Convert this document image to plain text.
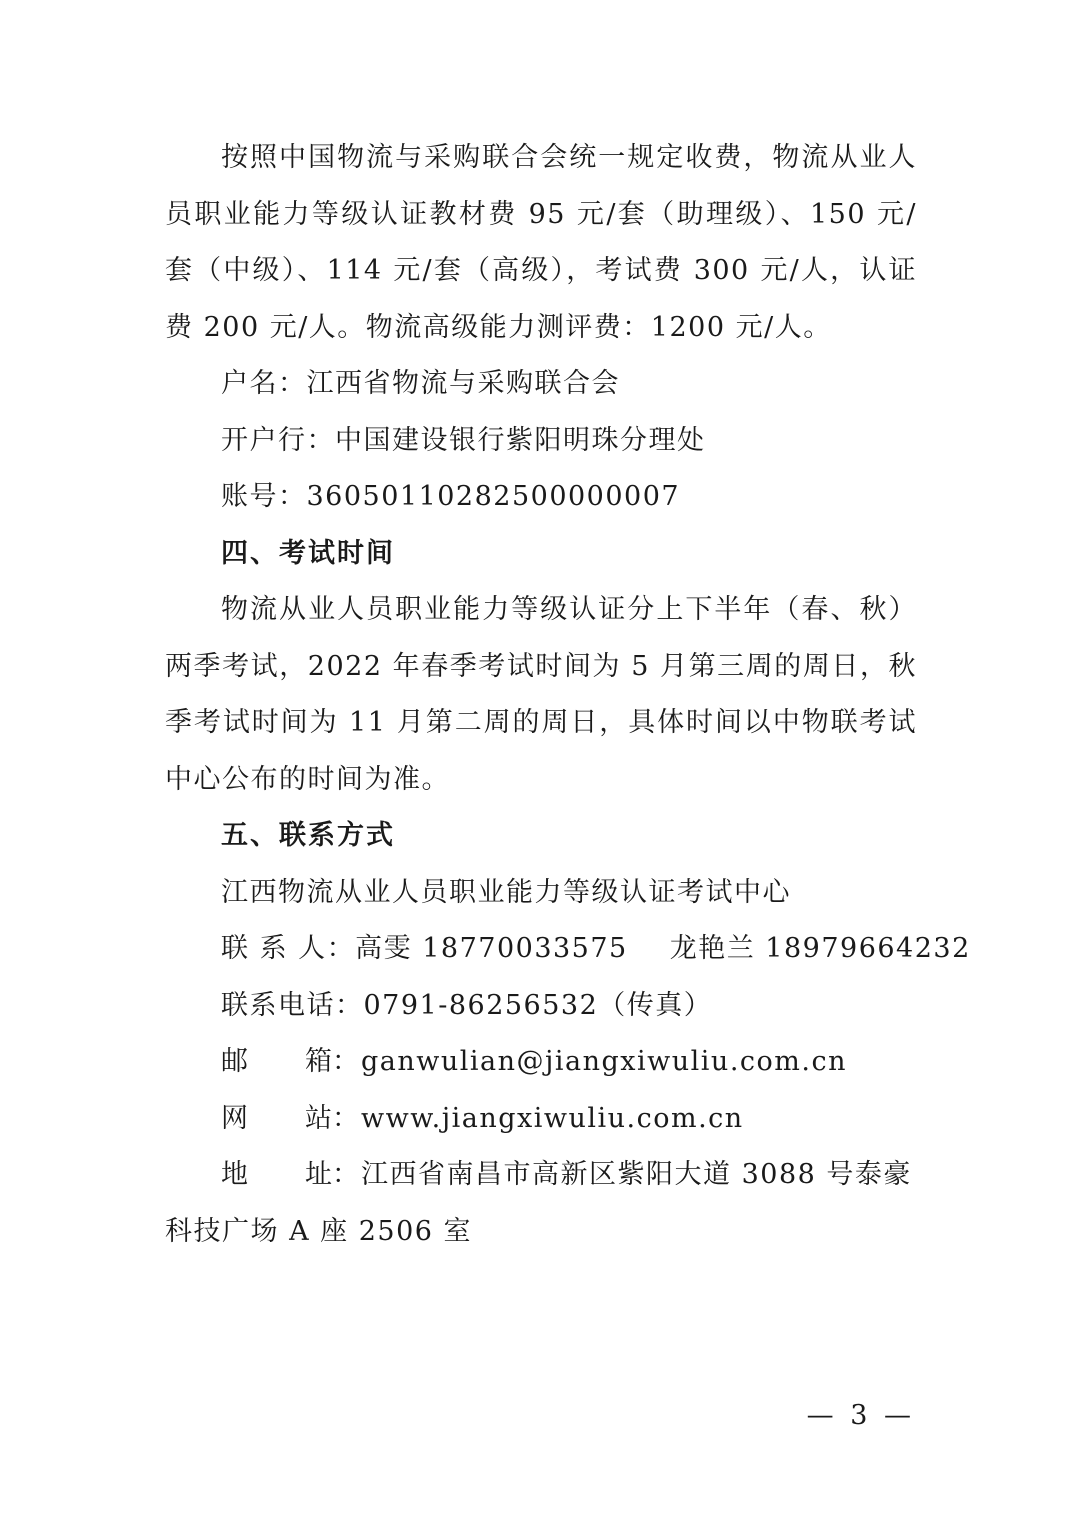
按照中国物流与采购联合会统一规定收费，物流从业人员职业能力等级认证教材费 95 元/套（助理级）、150 元/套（中级）、114 元/套（高级），考试费 300 元/人，认证费 200 元/人。物流高级能力测评费：1200 元/人。

户名：江西省物流与采购联合会

开户行：中国建设银行紫阳明珠分理处

账号：36050110282500000007

四、考试时间

物流从业人员职业能力等级认证分上下半年（春、秋）两季考试，2022 年春季考试时间为 5 月第三周的周日，秋季考试时间为 11 月第二周的周日，具体时间以中物联考试中心公布的时间为准。

五、联系方式

江西物流从业人员职业能力等级认证考试中心

联 系 人：高雯 18770033575 龙艳兰 18979664232

联系电话：0791-86256532（传真）

邮 箱：ganwulian@jiangxiwuliu.com.cn

网 站：www.jiangxiwuliu.com.cn

地 址：江西省南昌市高新区紫阳大道 3088 号泰豪

科技广场 A 座 2506 室

— 3 —
